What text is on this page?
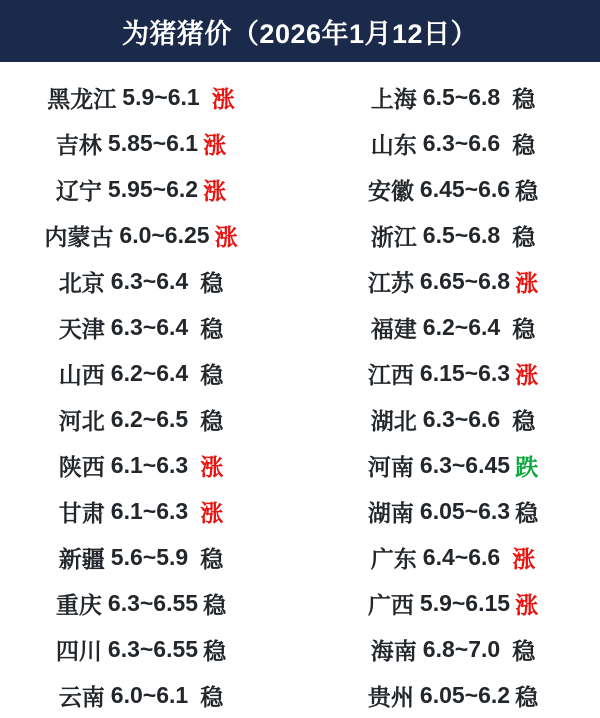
为猪猪价（2026年1月12日）
黑龙江 5.9~6.1 涨
吉林 5.85~6.1 涨
辽宁 5.95~6.2 涨
内蒙古 6.0~6.25 涨
北京 6.3~6.4 稳
天津 6.3~6.4 稳
山西 6.2~6.4 稳
河北 6.2~6.5 稳
陕西 6.1~6.3 涨
甘肃 6.1~6.3 涨
新疆 5.6~5.9 稳
重庆 6.3~6.55 稳
四川 6.3~6.55 稳
云南 6.0~6.1 稳
上海 6.5~6.8 稳
山东 6.3~6.6 稳
安徽 6.45~6.6 稳
浙江 6.5~6.8 稳
江苏 6.65~6.8 涨
福建 6.2~6.4 稳
江西 6.15~6.3 涨
湖北 6.3~6.6 稳
河南 6.3~6.45 跌
湖南 6.05~6.3 稳
广东 6.4~6.6 涨
广西 5.9~6.15 涨
海南 6.8~7.0 稳
贵州 6.05~6.2 稳
